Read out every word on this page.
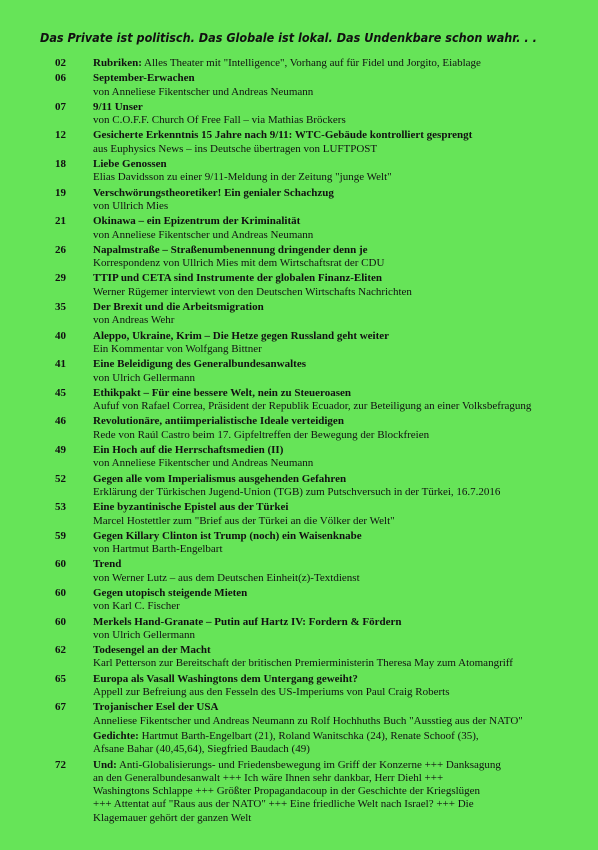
Das Private ist politisch. Das Globale ist lokal. Das Undenkbare schon wahr. . .
02	Rubriken: Alles Theater mit "Intelligence", Vorhang auf für Fidel und Jorgito, Eiablage
06	September-Erwachen
von Anneliese Fikentscher und Andreas Neumann
07	9/11 Unser
von C.O.F.F. Church Of Free Fall – via Mathias Bröckers
12	Gesicherte Erkenntnis 15 Jahre nach 9/11: WTC-Gebäude kontrolliert gesprengt
aus Euphysics News – ins Deutsche übertragen von LUFTPOST
18	Liebe Genossen
Elias Davidsson zu einer 9/11-Meldung in der Zeitung "junge Welt"
19	Verschwörungstheoretiker! Ein genialer Schachzug
von Ullrich Mies
21	Okinawa – ein Epizentrum der Kriminalität
von Anneliese Fikentscher und Andreas Neumann
26	Napalmstraße – Straßenumbenennung dringender denn je
Korrespondenz von Ullrich Mies mit dem Wirtschaftsrat der CDU
29	TTIP und CETA sind Instrumente der globalen Finanz-Eliten
Werner Rügemer interviewt von den Deutschen Wirtschafts Nachrichten
35	Der Brexit und die Arbeitsmigration
von Andreas Wehr
40	Aleppo, Ukraine, Krim – Die Hetze gegen Russland geht weiter
Ein Kommentar von Wolfgang Bittner
41	Eine Beleidigung des Generalbundesanwaltes
von Ulrich Gellermann
45	Ethikpakt – Für eine bessere Welt, nein zu Steueroasen
Aufuf von Rafael Correa, Präsident der Republik Ecuador, zur Beteiligung an einer Volksbefragung
46	Revolutionäre, antiimperialistische Ideale verteidigen
Rede von Raúl Castro beim 17. Gipfeltreffen der Bewegung der Blockfreien
49	Ein Hoch auf die Herrschaftsmedien (II)
von Anneliese Fikentscher und Andreas Neumann
52	Gegen alle vom Imperialismus ausgehenden Gefahren
Erklärung der Türkischen Jugend-Union (TGB) zum Putschversuch in der Türkei, 16.7.2016
53	Eine byzantinische Epistel aus der Türkei
Marcel Hostettler zum "Brief aus der Türkei an die Völker der Welt"
59	Gegen Killary Clinton ist Trump (noch) ein Waisenknabe
von Hartmut Barth-Engelbart
60	Trend
von Werner Lutz – aus dem Deutschen Einheit(z)-Textdienst
60	Gegen utopisch steigende Mieten
von Karl C. Fischer
60	Merkels Hand-Granate – Putin auf Hartz IV: Fordern & Fördern
von Ulrich Gellermann
62	Todesengel an der Macht
Karl Petterson zur Bereitschaft der britischen Premierministerin Theresa May zum Atomangriff
65	Europa als Vasall Washingtons dem Untergang geweiht?
Appell zur Befreiung aus den Fesseln des US-Imperiums von Paul Craig Roberts
67	Trojanischer Esel der USA
Anneliese Fikentscher und Andreas Neumann zu Rolf Hochhuths Buch "Ausstieg aus der NATO"
Gedichte: Hartmut Barth-Engelbart (21), Roland Wanitschka (24), Renate Schoof (35),
Afsane Bahar (40,45,64), Siegfried Baudach (49)
72	Und: Anti-Globalisierungs- und Friedensbewegung im Griff der Konzerne +++ Danksagung
an den Generalbundesanwalt +++ Ich wäre Ihnen sehr dankbar, Herr Diehl +++
Washingtons Schlappe +++ Größter Propagandacoup in der Geschichte der Kriegslügen
+++ Attentat auf "Raus aus der NATO" +++ Eine friedliche Welt nach Israel? +++ Die
Klagemauer gehört der ganzen Welt
